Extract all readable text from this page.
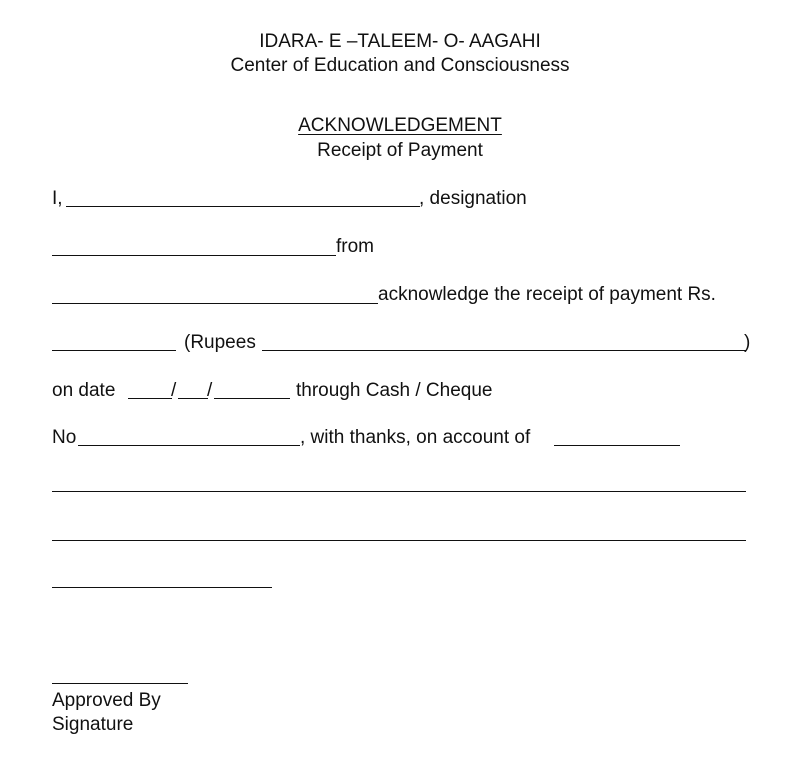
IDARA- E –TALEEM- O- AAGAHI
Center of Education and Consciousness
ACKNOWLEDGEMENT
Receipt of Payment
I,	, designation
from
acknowledge the receipt of payment Rs.
(Rupees	)
on date	/ /	through Cash / Cheque
No	, with thanks, on account of
Approved By
Signature
